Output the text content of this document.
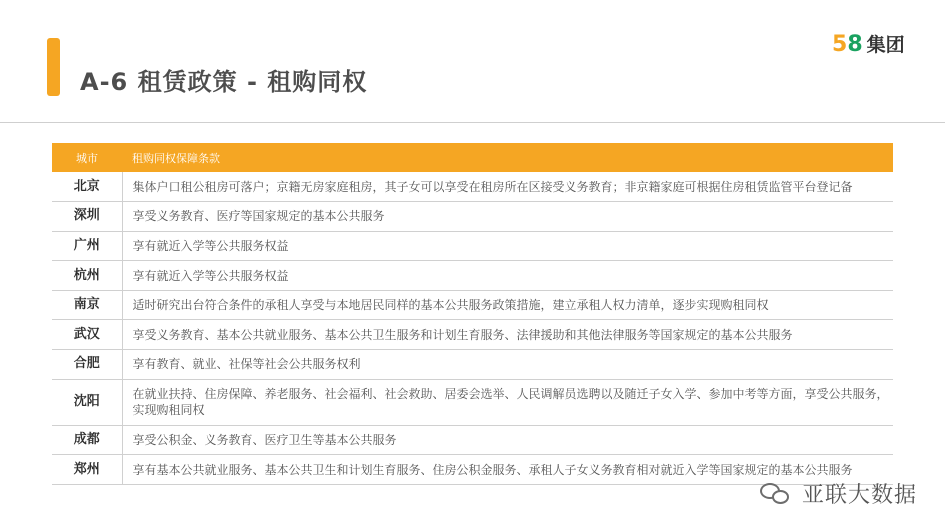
A-6 租赁政策 - 租购同权
5 8 集团
城市	租购同权保障条款
北京	集体户口租公租房可落户；京籍无房家庭租房，其子女可以享受在租房所在区接受义务教育；非京籍家庭可根据住房租赁监管平台登记备
深圳	享受义务教育、医疗等国家规定的基本公共服务
广州	享有就近入学等公共服务权益
杭州	享有就近入学等公共服务权益
南京	适时研究出台符合条件的承租人享受与本地居民同样的基本公共服务政策措施，建立承租人权力清单，逐步实现购租同权
武汉	享受义务教育、基本公共就业服务、基本公共卫生服务和计划生育服务、法律援助和其他法律服务等国家规定的基本公共服务
合肥	享有教育、就业、社保等社会公共服务权利
沈阳	在就业扶持、住房保障、养老服务、社会福利、社会救助、居委会选举、人民调解员选聘以及随迁子女入学、参加中考等方面，享受公共服务，实现购租同权
成都	享受公积金、义务教育、医疗卫生等基本公共服务
郑州	享有基本公共就业服务、基本公共卫生和计划生育服务、住房公积金服务、承租人子女义务教育相对就近入学等国家规定的基本公共服务
亚联大数据
